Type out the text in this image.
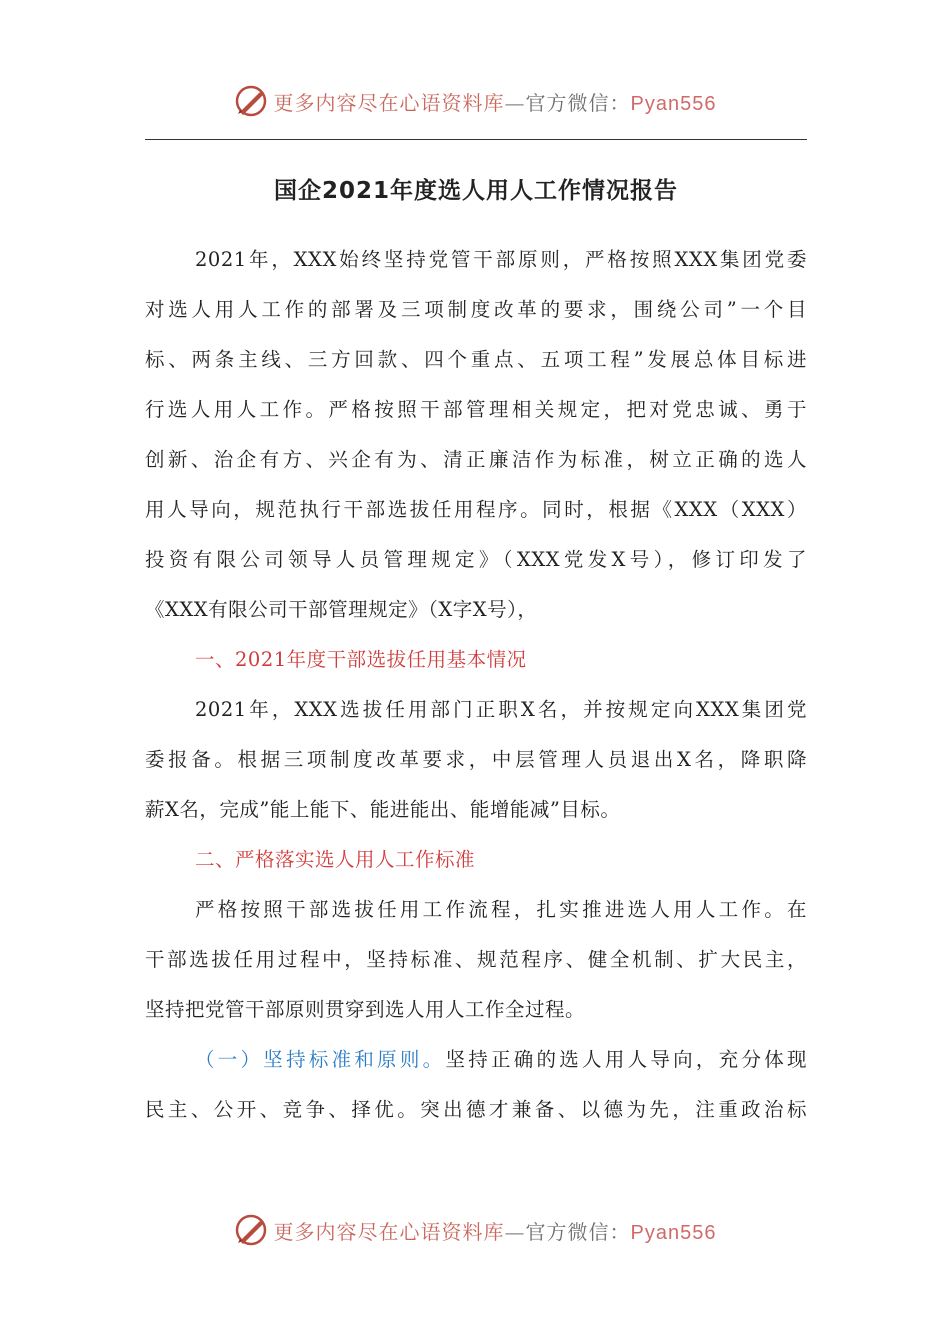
更多内容尽在心语资料库—官方微信：Pyan556
国企2021年度选人用人工作情况报告
2021年，XXX始终坚持党管干部原则，严格按照XXX集团党委
对选人用人工作的部署及三项制度改革的要求，围绕公司”一个目
标、两条主线、三方回款、四个重点、五项工程”发展总体目标进
行选人用人工作。严格按照干部管理相关规定，把对党忠诚、勇于
创新、治企有方、兴企有为、清正廉洁作为标准，树立正确的选人
用人导向，规范执行干部选拔任用程序。同时，根据《XXX（XXX）
投资有限公司领导人员管理规定》（XXX党发X号），修订印发了
《XXX有限公司干部管理规定》（X字X号），
一、2021年度干部选拔任用基本情况
2021年，XXX选拔任用部门正职X名，并按规定向XXX集团党
委报备。根据三项制度改革要求，中层管理人员退出X名，降职降
薪X名，完成”能上能下、能进能出、能增能减”目标。
二、严格落实选人用人工作标准
严格按照干部选拔任用工作流程，扎实推进选人用人工作。在
干部选拔任用过程中，坚持标准、规范程序、健全机制、扩大民主，
坚持把党管干部原则贯穿到选人用人工作全过程。
（一）坚持标准和原则。坚持正确的选人用人导向，充分体现
民主、公开、竞争、择优。突出德才兼备、以德为先，注重政治标
更多内容尽在心语资料库—官方微信：Pyan556
